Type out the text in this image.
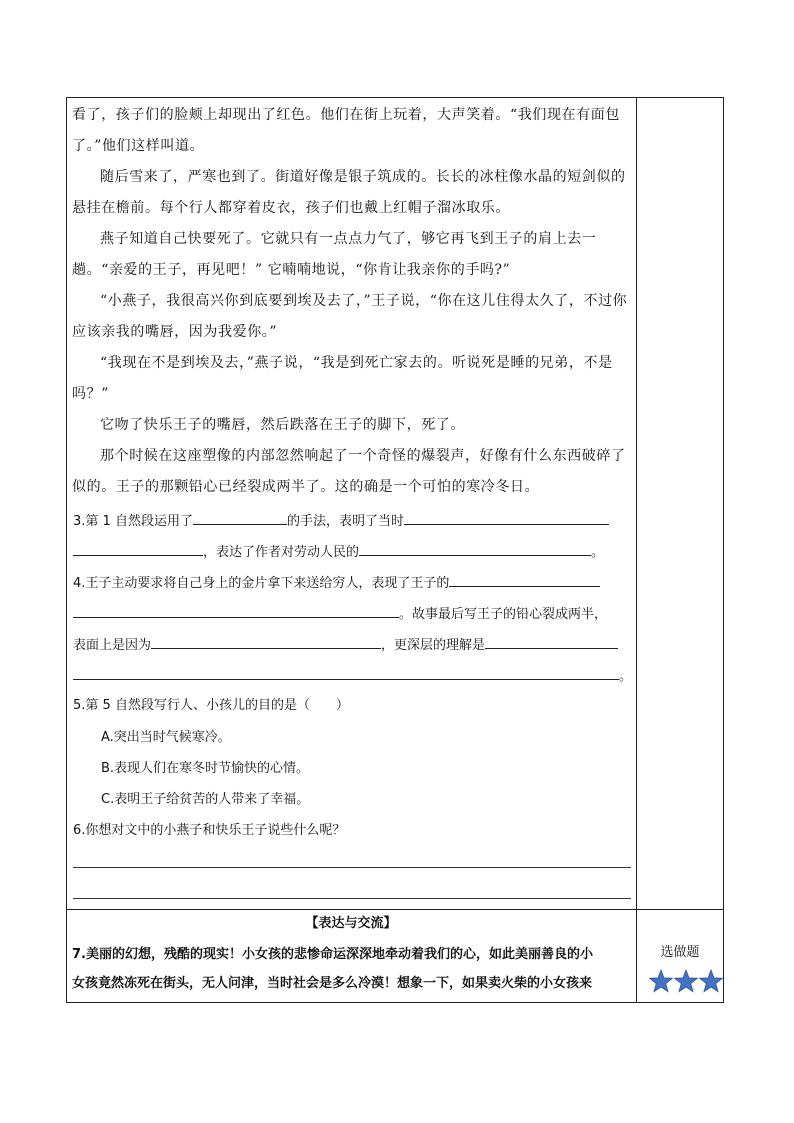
看了，孩子们的脸颊上却现出了红色。他们在街上玩着，大声笑着。“我们现在有面包了。”他们这样叫道。

随后雪来了，严寒也到了。街道好像是银子筑成的。长长的冰柱像水晶的短剑似的悬挂在檐前。每个行人都穿着皮衣，孩子们也戴上红帽子溜冰取乐。

燕子知道自己快要死了。它就只有一点点力气了，够它再飞到王子的肩上去一趟。“亲爱的王子，再见吧！” 它喃喃地说，“你肯让我亲你的手吗?”

“小燕子，我很高兴你到底要到埃及去了，”王子说，“你在这儿住得太久了，不过你应该亲我的嘴唇，因为我爱你。”

“我现在不是到埃及去，”燕子说，“我是到死亡家去的。听说死是睡的兄弟，不是吗？”

它吻了快乐王子的嘴唇，然后跌落在王子的脚下，死了。

那个时候在这座塑像的内部忽然响起了一个奇怪的爆裂声，好像有什么东西破碎了似的。王子的那颗铅心已经裂成两半了。这的确是一个可怕的寒冷冬日。

3.第 1 自然段运用了	的手法，表明了当时
，表达了作者对劳动人民的	。
4.王子主动要求将自己身上的金片拿下来送给穷人，表现了王子的
。故事最后写王子的铅心裂成两半，
表面上是因为	，更深层的理解是
。
5.第 5 自然段写行人、小孩儿的目的是（　　）
A.突出当时气候寒冷。
B.表现人们在寒冬时节愉快的心情。
C.表明王子给贫苦的人带来了幸福。
6.你想对文中的小燕子和快乐王子说些什么呢？
【表达与交流】
7.美丽的幻想，残酷的现实！小女孩的悲惨命运深深地牵动着我们的心，如此美丽善良的小
女孩竟然冻死在街头，无人问津，当时社会是多么冷漠！想象一下，如果卖火柴的小女孩来
选做题
